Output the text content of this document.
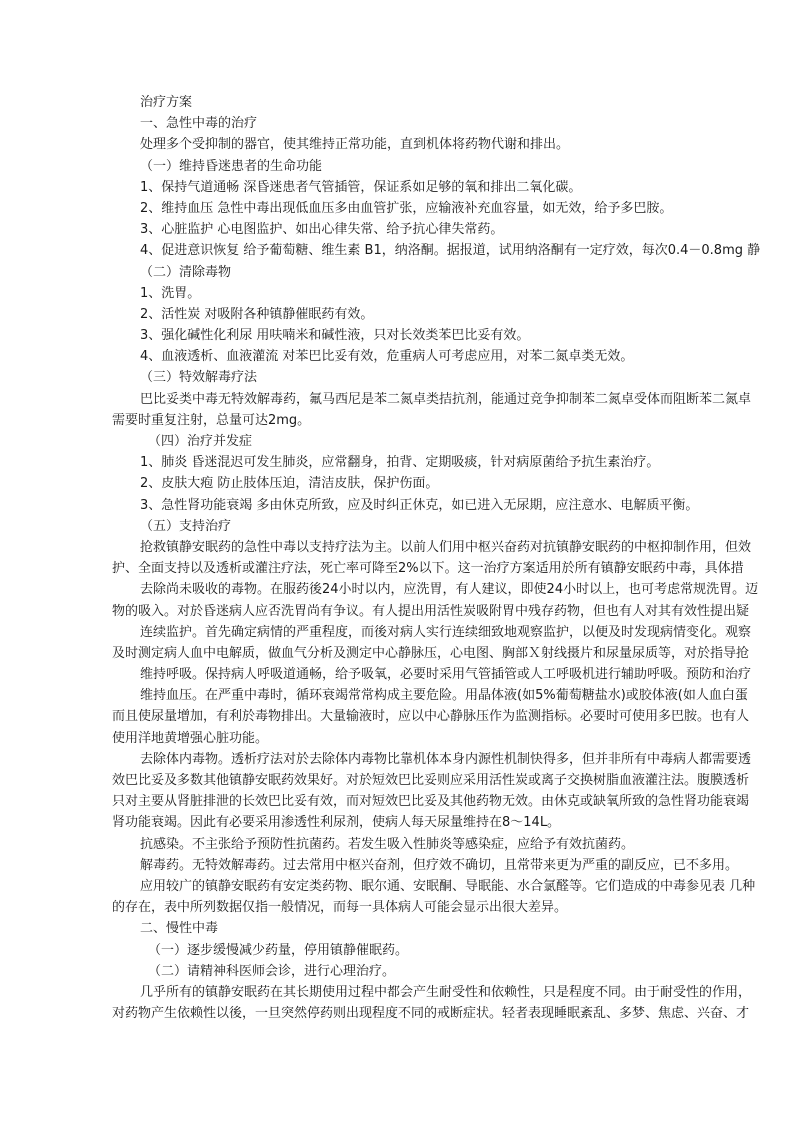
治疗方案
一、急性中毒的治疗
处理多个受抑制的器官，使其维持正常功能，直到机体将药物代谢和排出。
（一）维持昏迷患者的生命功能
1、保持气道通畅 深昏迷患者气管插管，保证系如足够的氧和排出二氧化碳。
2、维持血压 急性中毒出现低血压多由血管扩张，应输液补充血容量，如无效，给予多巴胺。
3、心脏监护 心电图监护、如出心律失常、给予抗心律失常药。
4、促进意识恢复 给予葡萄糖、维生素 B1，纳洛酮。据报道，试用纳洛酮有一定疗效，每次0.4－0.8mg 静
（二）清除毒物
1、洗胃。
2、活性炭 对吸附各种镇静催眠药有效。
3、强化碱性化利尿 用呋喃米和碱性液，只对长效类苯巴比妥有效。
4、血液透析、血液灌流 对苯巴比妥有效，危重病人可考虑应用，对苯二氮卓类无效。
（三）特效解毒疗法
巴比妥类中毒无特效解毒药，氟马西尼是苯二氮卓类拮抗剂，能通过竞争抑制苯二氮卓受体而阻断苯二氮卓
需要时重复注射，总量可达2mg。
（四）治疗并发症
1、肺炎 昏迷混迟可发生肺炎，应常翻身，拍背、定期吸痰，针对病原菌给予抗生素治疗。
2、皮肤大疱 防止肢体压迫，清洁皮肤，保护伤面。
3、急性肾功能衰竭 多由休克所致，应及时纠正休克，如已进入无尿期，应注意水、电解质平衡。
（五）支持治疗
抢救镇静安眠药的急性中毒以支持疗法为主。以前人们用中枢兴奋药对抗镇静安眠药的中枢抑制作用，但效
护、全面支持以及透析或灌注疗法，死亡率可降至2%以下。这一治疗方案适用於所有镇静安眠药中毒，具体措
去除尚未吸收的毒物。在服药後24小时以内，应洗胃，有人建议，即使24小时以上，也可考虑常规洗胃。迈
物的吸入。对於昏迷病人应否洗胃尚有争议。有人提出用活性炭吸附胃中残存药物，但也有人对其有效性提出疑
连续监护。首先确定病情的严重程度，而後对病人实行连续细致地观察监护，以便及时发现病情变化。观察
及时测定病人血中电解质，做血气分析及测定中心静脉压，心电图、胸部Ｘ射线摄片和尿量尿质等，对於指导抢
维持呼吸。保持病人呼吸道通畅，给予吸氧，必要时采用气管插管或人工呼吸机进行辅助呼吸。预防和治疗
维持血压。在严重中毒时，循环衰竭常常构成主要危险。用晶体液(如5%葡萄糖盐水)或胶体液(如人血白蛋
而且使尿量增加，有利於毒物排出。大量输液时，应以中心静脉压作为监测指标。必要时可使用多巴胺。也有人
使用洋地黄增强心脏功能。
去除体内毒物。透析疗法对於去除体内毒物比靠机体本身内源性机制快得多，但并非所有中毒病人都需要透
效巴比妥及多数其他镇静安眠药效果好。对於短效巴比妥则应采用活性炭或离子交换树脂血液灌注法。腹膜透析
只对主要从肾脏排泄的长效巴比妥有效，而对短效巴比妥及其他药物无效。由休克或缺氧所致的急性肾功能衰竭
肾功能衰竭。因此有必要采用渗透性利尿剂，使病人每天尿量维持在8～14L。
抗感染。不主张给予预防性抗菌药。若发生吸入性肺炎等感染症，应给予有效抗菌药。
解毒药。无特效解毒药。过去常用中枢兴奋剂，但疗效不确切，且常带来更为严重的副反应，已不多用。
应用较广的镇静安眠药有安定类药物、眠尔通、安眠酮、导眠能、水合氯醛等。它们造成的中毒参见表 几种
的存在，表中所列数据仅指一般情况，而每一具体病人可能会显示出很大差异。
二、慢性中毒
（一）逐步缓慢减少药量，停用镇静催眠药。
（二）请精神科医师会诊，进行心理治疗。
几乎所有的镇静安眠药在其长期使用过程中都会产生耐受性和依赖性，只是程度不同。由于耐受性的作用，
对药物产生依赖性以後，一旦突然停药则出现程度不同的戒断症状。轻者表现睡眠紊乱、多梦、焦虑、兴奋、才
